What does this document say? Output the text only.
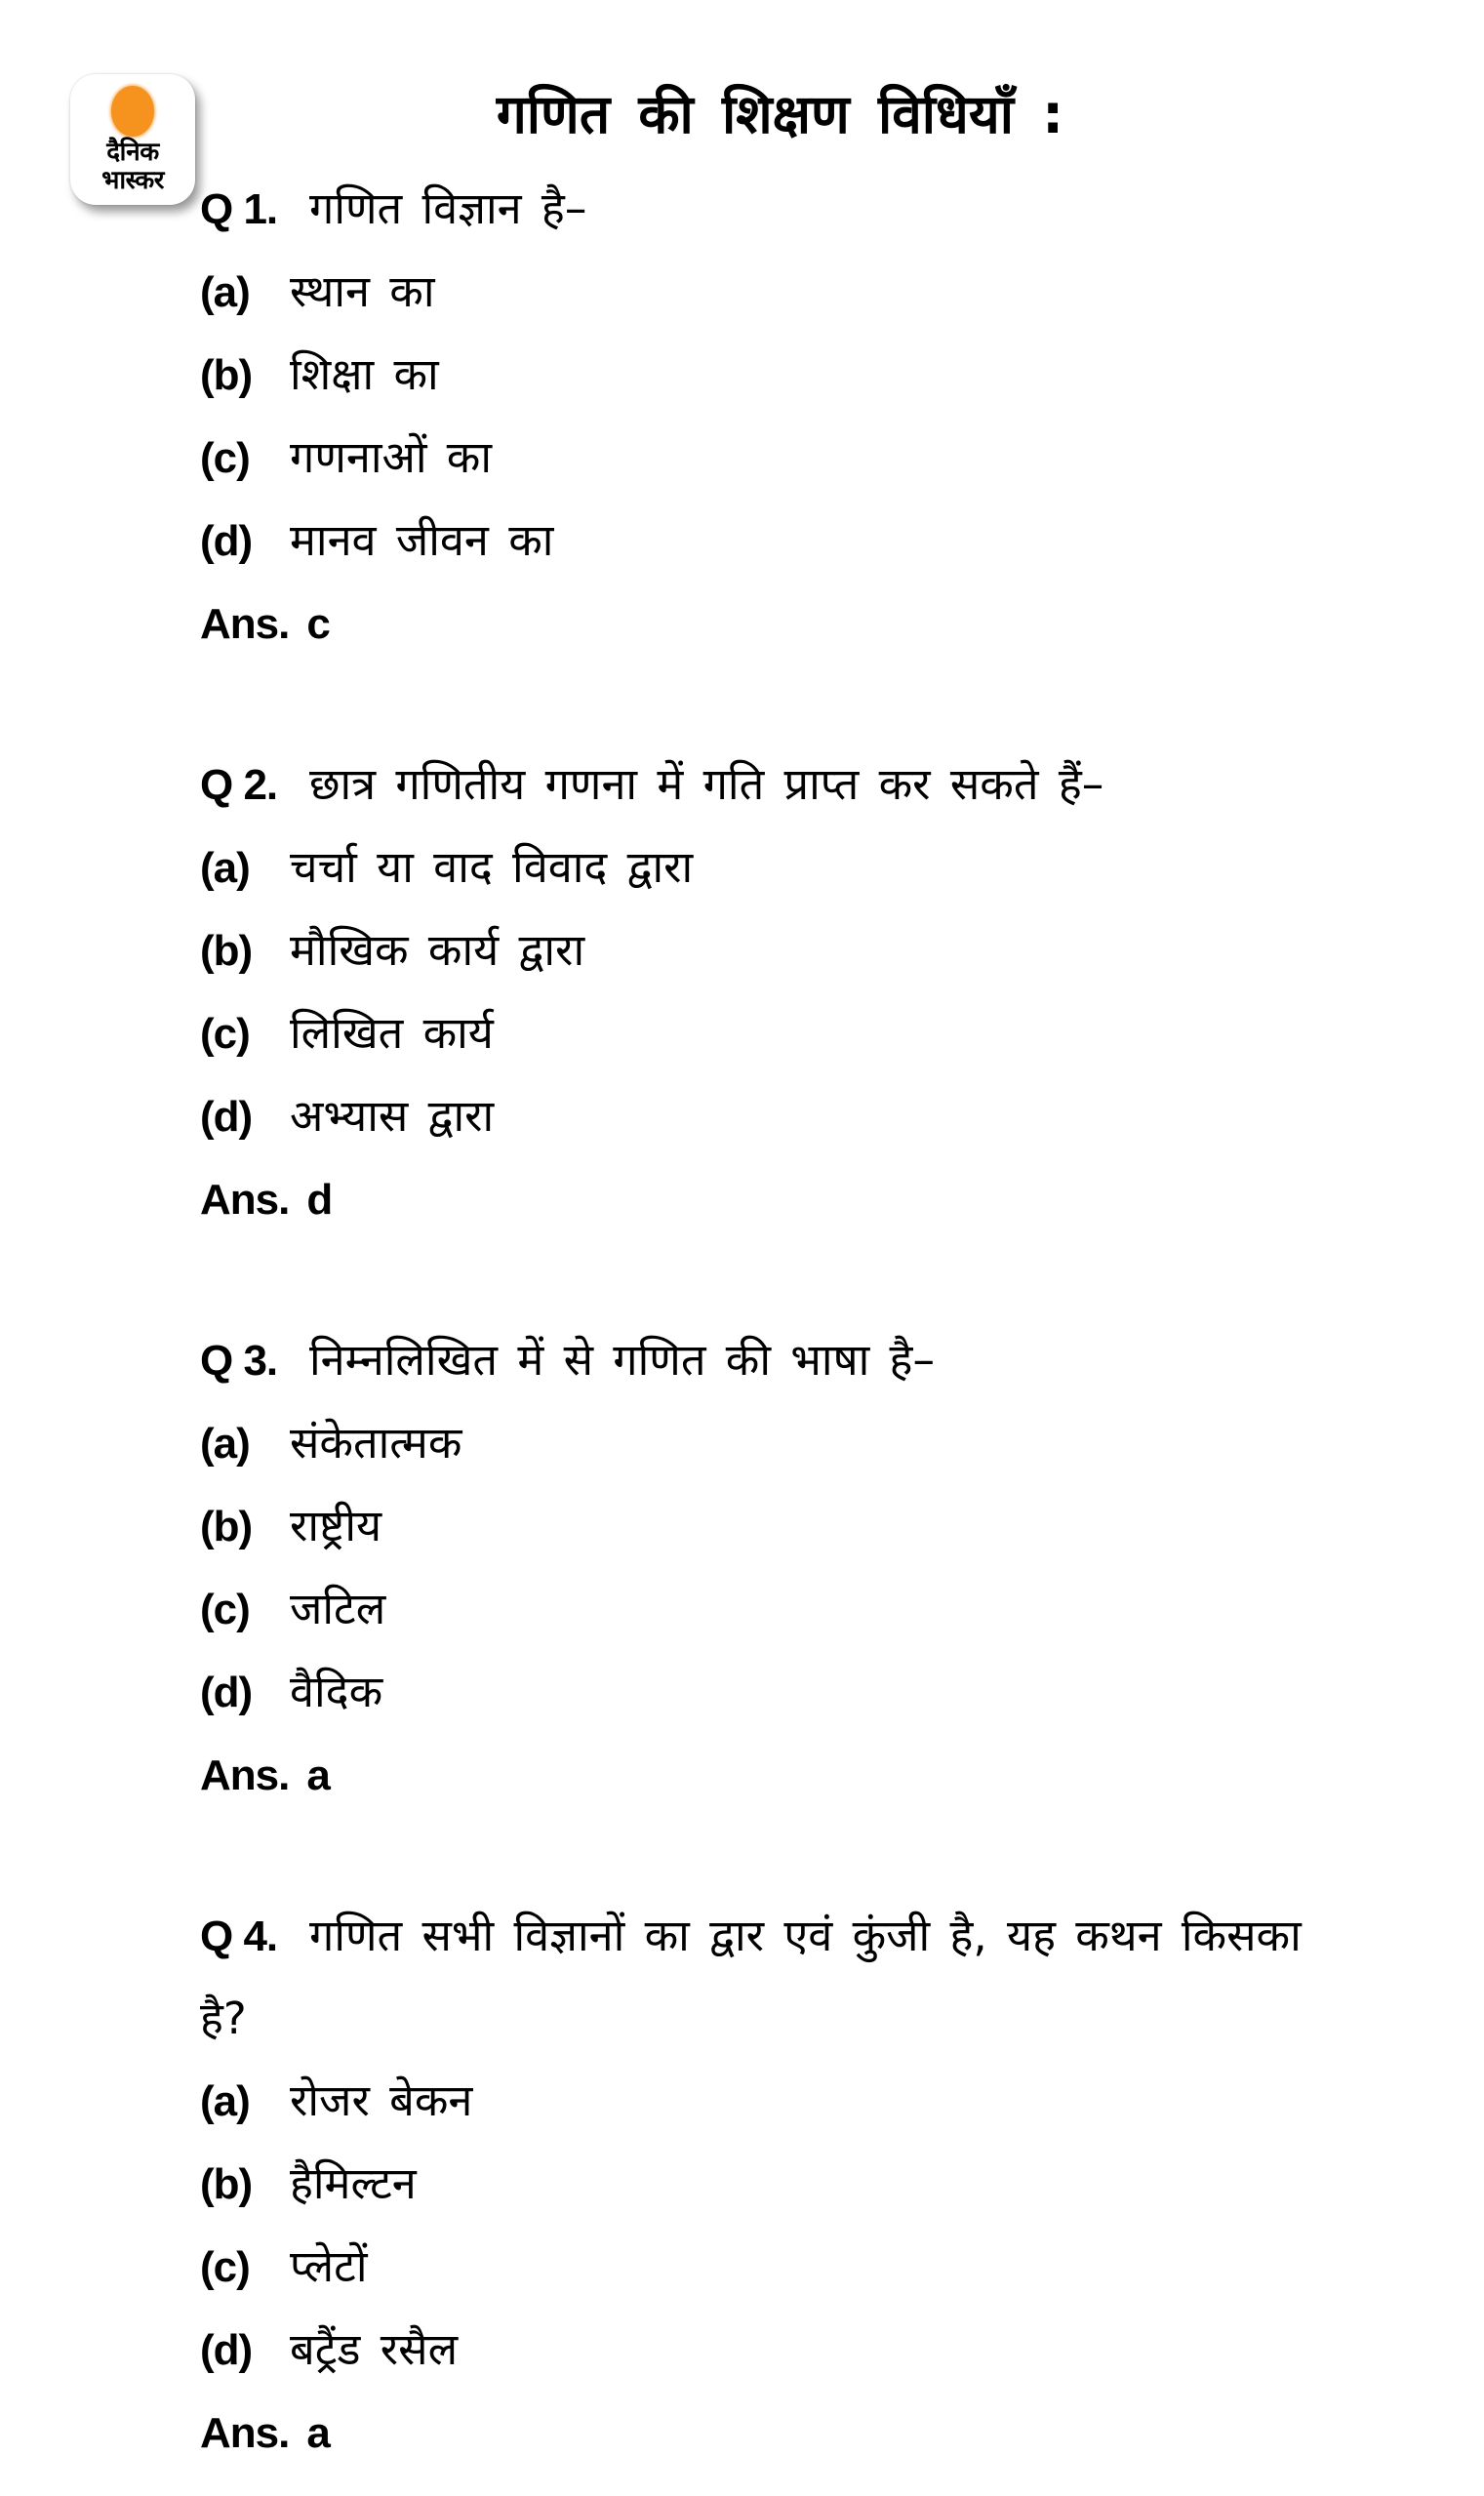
दैनिक
भास्कर
गणित की शिक्षण विधियाँ :

Q 1. गणित विज्ञान है–

(a) स्थान का

(b) शिक्षा का

(c) गणनाओं का

(d) मानव जीवन का

Ans. c

Q 2. छात्र गणितीय गणना में गति प्राप्त कर सकते हैं–

(a) चर्चा या वाद विवाद द्वारा

(b) मौखिक कार्य द्वारा

(c) लिखित कार्य

(d) अभ्यास द्वारा

Ans. d

Q 3. निम्नलिखित में से गणित की भाषा है–

(a) संकेतात्मक

(b) राष्ट्रीय

(c) जटिल

(d) वैदिक

Ans. a

Q 4. गणित सभी विज्ञानों का द्वार एवं कुंजी है, यह कथन किसका है?

(a) रोजर बेकन

(b) हैमिल्टन

(c) प्लेटों

(d) बट्रैंड रसैल

Ans. a
